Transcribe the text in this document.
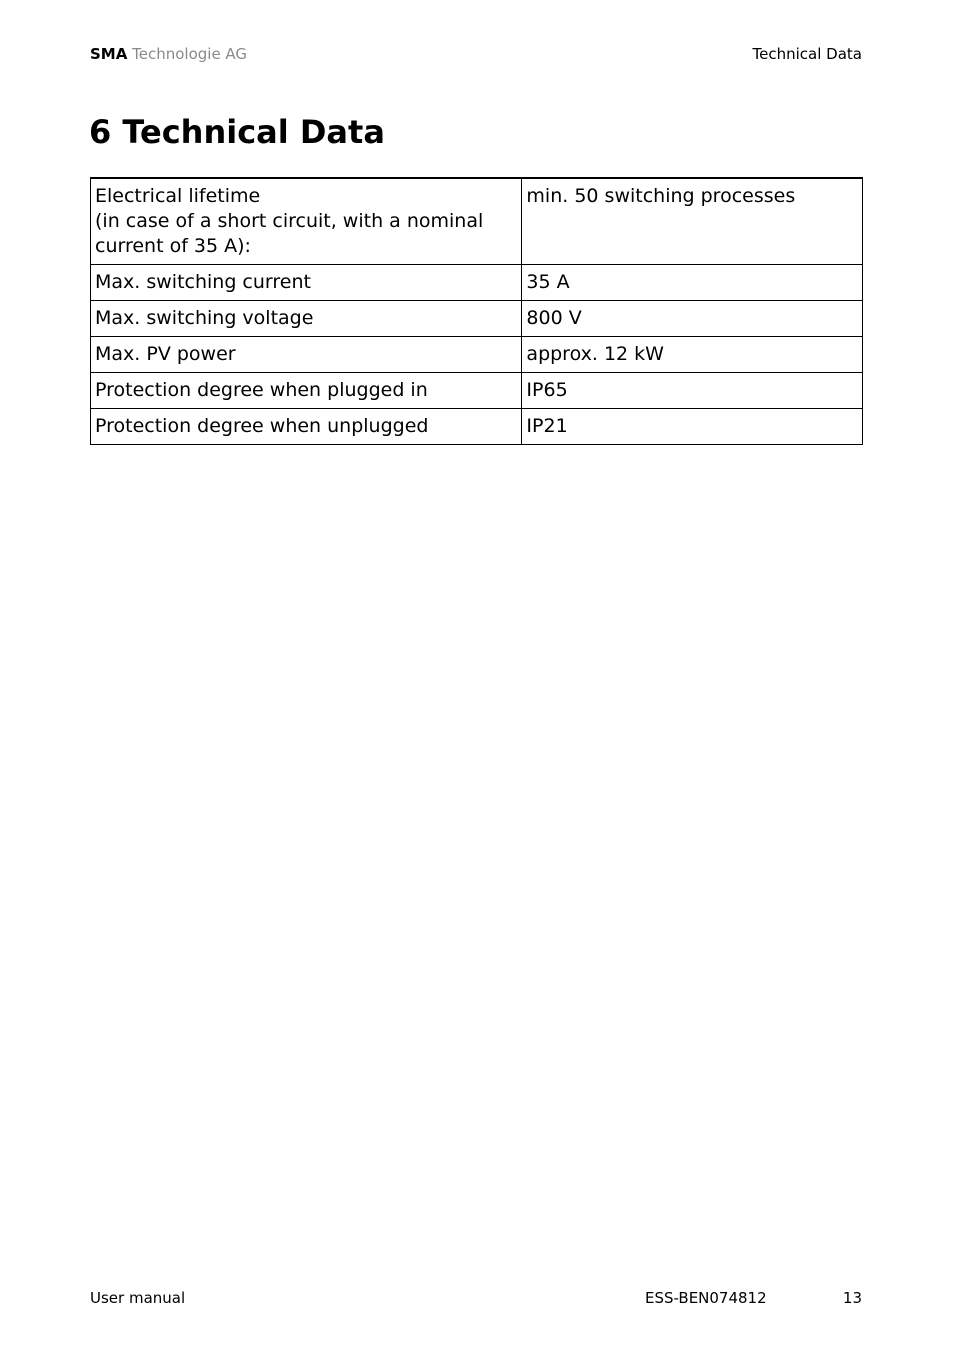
SMA Technologie AG	Technical Data
6 Technical Data
Electrical lifetime
(in case of a short circuit, with a nominal current of 35 A):	min. 50 switching processes
Max. switching current	35 A
Max. switching voltage	800 V
Max. PV power	approx. 12 kW
Protection degree when plugged in	IP65
Protection degree when unplugged	IP21
User manual	ESS-BEN074812	13
